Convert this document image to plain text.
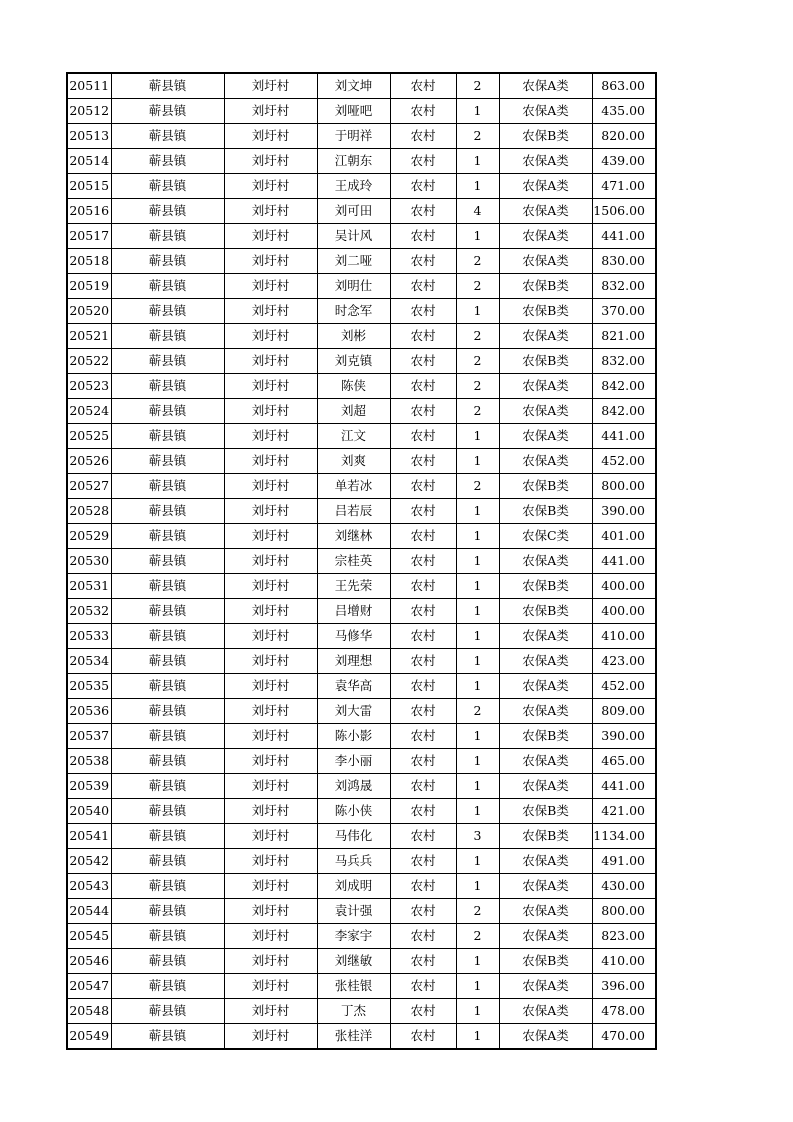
20511	蕲县镇	刘圩村	刘文坤	农村	2	农保A类	863.00
20512	蕲县镇	刘圩村	刘哑吧	农村	1	农保A类	435.00
20513	蕲县镇	刘圩村	于明祥	农村	2	农保B类	820.00
20514	蕲县镇	刘圩村	江朝东	农村	1	农保A类	439.00
20515	蕲县镇	刘圩村	王成玲	农村	1	农保A类	471.00
20516	蕲县镇	刘圩村	刘可田	农村	4	农保A类	1506.00
20517	蕲县镇	刘圩村	吴计风	农村	1	农保A类	441.00
20518	蕲县镇	刘圩村	刘二哑	农村	2	农保A类	830.00
20519	蕲县镇	刘圩村	刘明仕	农村	2	农保B类	832.00
20520	蕲县镇	刘圩村	时念军	农村	1	农保B类	370.00
20521	蕲县镇	刘圩村	刘彬	农村	2	农保A类	821.00
20522	蕲县镇	刘圩村	刘克镇	农村	2	农保B类	832.00
20523	蕲县镇	刘圩村	陈侠	农村	2	农保A类	842.00
20524	蕲县镇	刘圩村	刘超	农村	2	农保A类	842.00
20525	蕲县镇	刘圩村	江文	农村	1	农保A类	441.00
20526	蕲县镇	刘圩村	刘爽	农村	1	农保A类	452.00
20527	蕲县镇	刘圩村	单若冰	农村	2	农保B类	800.00
20528	蕲县镇	刘圩村	吕若辰	农村	1	农保B类	390.00
20529	蕲县镇	刘圩村	刘继林	农村	1	农保C类	401.00
20530	蕲县镇	刘圩村	宗桂英	农村	1	农保A类	441.00
20531	蕲县镇	刘圩村	王先荣	农村	1	农保B类	400.00
20532	蕲县镇	刘圩村	吕增财	农村	1	农保B类	400.00
20533	蕲县镇	刘圩村	马修华	农村	1	农保A类	410.00
20534	蕲县镇	刘圩村	刘理想	农村	1	农保A类	423.00
20535	蕲县镇	刘圩村	袁华高	农村	1	农保A类	452.00
20536	蕲县镇	刘圩村	刘大雷	农村	2	农保A类	809.00
20537	蕲县镇	刘圩村	陈小影	农村	1	农保B类	390.00
20538	蕲县镇	刘圩村	李小丽	农村	1	农保A类	465.00
20539	蕲县镇	刘圩村	刘鸿晟	农村	1	农保A类	441.00
20540	蕲县镇	刘圩村	陈小侠	农村	1	农保B类	421.00
20541	蕲县镇	刘圩村	马伟化	农村	3	农保B类	1134.00
20542	蕲县镇	刘圩村	马兵兵	农村	1	农保A类	491.00
20543	蕲县镇	刘圩村	刘成明	农村	1	农保A类	430.00
20544	蕲县镇	刘圩村	袁计强	农村	2	农保A类	800.00
20545	蕲县镇	刘圩村	李家宇	农村	2	农保A类	823.00
20546	蕲县镇	刘圩村	刘继敏	农村	1	农保B类	410.00
20547	蕲县镇	刘圩村	张桂银	农村	1	农保A类	396.00
20548	蕲县镇	刘圩村	丁杰	农村	1	农保A类	478.00
20549	蕲县镇	刘圩村	张桂洋	农村	1	农保A类	470.00
